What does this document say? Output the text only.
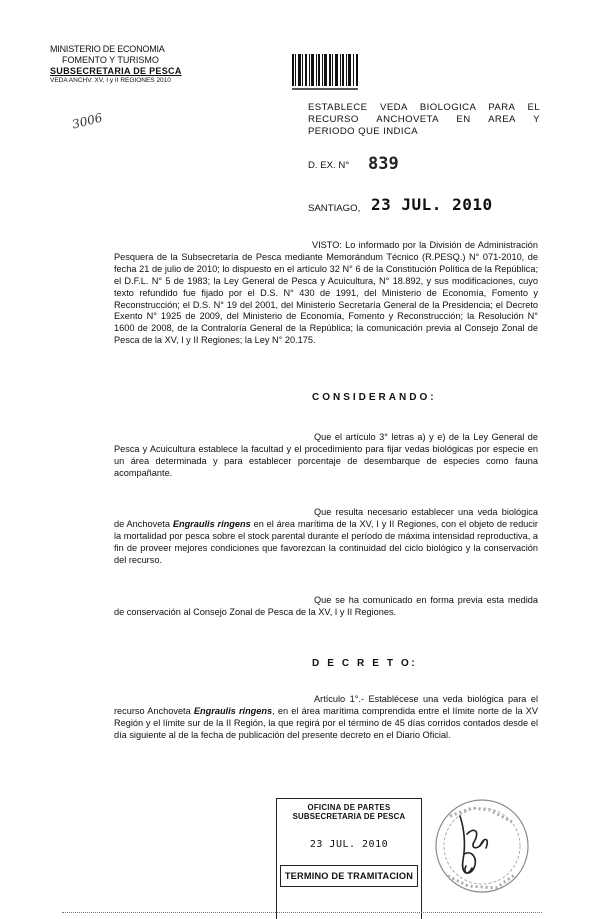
MINISTERIO DE ECONOMIA
FOMENTO Y TURISMO
SUBSECRETARIA DE PESCA
VEDA ANCHV. XV, I y II REGIONES 2010
3006
ESTABLECE VEDA BIOLOGICA PARA EL
RECURSO ANCHOVETA EN AREA Y
PERIODO QUE INDICA
D. EX. N° 839
SANTIAGO, 23 JUL. 2010
VISTO: Lo informado por la División de Administración Pesquera de la Subsecretaría de Pesca mediante Memorándum Técnico (R.PESQ.) N° 071-2010, de fecha 21 de julio de 2010; lo dispuesto en el artículo 32 N° 6 de la Constitución Política de la República; el D.F.L. N° 5 de 1983; la Ley General de Pesca y Acuicultura, N° 18.892, y sus modificaciones, cuyo texto refundido fue fijado por el D.S. N° 430 de 1991, del Ministerio de Economía, Fomento y Reconstrucción; el D.S. N° 19 del 2001, del Ministerio Secretaría General de la Presidencia; el Decreto Exento N° 1925 de 2009, del Ministerio de Economía, Fomento y Reconstrucción; la Resolución N° 1600 de 2008, de la Contraloría General de la República; la comunicación previa al Consejo Zonal de Pesca de la XV, I y II Regiones; la Ley N° 20.175.
CONSIDERANDO:
Que el artículo 3° letras a) y e) de la Ley General de Pesca y Acuicultura establece la facultad y el procedimiento para fijar vedas biológicas por especie en un área determinada y para establecer porcentaje de desembarque de especies como fauna acompañante.
Que resulta necesario establecer una veda biológica de Anchoveta Engraulis ringens en el área marítima de la XV, I y II Regiones, con el objeto de reducir la mortalidad por pesca sobre el stock parental durante el período de máxima intensidad reproductiva, a fin de proveer mejores condiciones que favorezcan la continuidad del ciclo biológico y la conservación del recurso.
Que se ha comunicado en forma previa esta medida de conservación al Consejo Zonal de Pesca de la XV, I y II Regiones.
D E C R E T O:
Artículo 1°.- Establécese una veda biológica para el recurso Anchoveta Engraulis ringens, en el área marítima comprendida entre el límite norte de la XV Región y el límite sur de la II Región, la que regirá por el término de 45 días corridos contados desde el día siguiente al de la fecha de publicación del presente decreto en el Diario Oficial.
OFICINA DE PARTES
SUBSECRETARIA DE PESCA
23 JUL. 2010
TERMINO DE TRAMITACION
